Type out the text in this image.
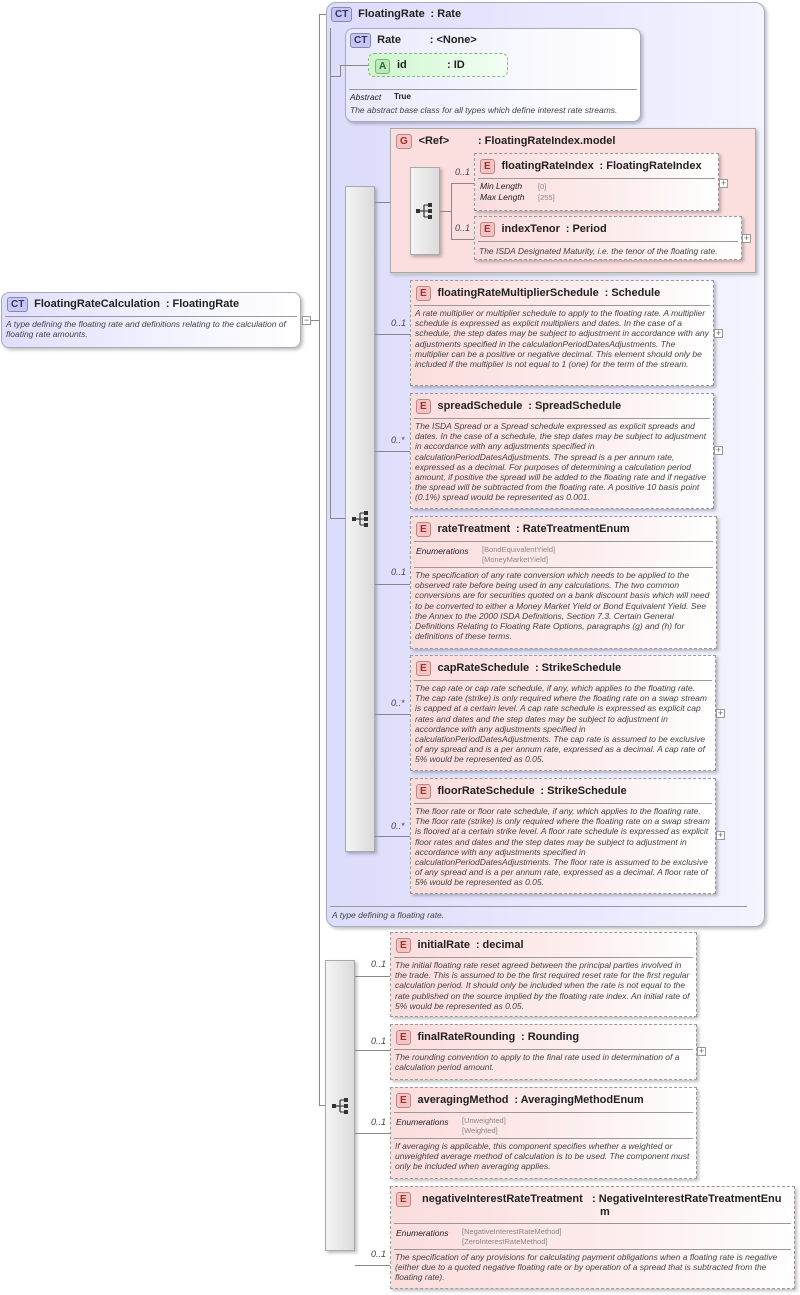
CT FloatingRateCalculation : FloatingRate
A type defining the floating rate and definitions relating to the calculation of floating rate amounts.
−
CT FloatingRate : Rate
A type defining a floating rate.
CT Rate	: <None>
A id	: ID
Abstract True
The abstract base class for all types which define interest rate streams.
G <Ref>	: FloatingRateIndex.model
0..1	E floatingRateIndex : FloatingRateIndex
Min Length [0]
Max Length [255]
+
0..1	E indexTenor : Period
The ISDA Designated Maturity, i.e. the tenor of the floating rate.
+
0..1
E floatingRateMultiplierSchedule : Schedule
A rate multiplier or multiplier schedule to apply to the floating rate. A multiplier schedule is expressed as explicit multipliers and dates. In the case of a schedule, the step dates may be subject to adjustment in accordance with any adjustments specified in the calculationPeriodDatesAdjustments. The multiplier can be a positive or negative decimal. This element should only be included if the multiplier is not equal to 1 (one) for the term of the stream.
+
0..*
E spreadSchedule : SpreadSchedule
The ISDA Spread or a Spread schedule expressed as explicit spreads and dates. In the case of a schedule, the step dates may be subject to adjustment in accordance with any adjustments specified in calculationPeriodDatesAdjustments. The spread is a per annum rate, expressed as a decimal. For purposes of determining a calculation period amount, if positive the spread will be added to the floating rate and if negative the spread will be subtracted from the floating rate. A positive 10 basis point (0.1%) spread would be represented as 0.001.
+
0..1
E rateTreatment : RateTreatmentEnum
Enumerations [BondEquivalentYield]
[MoneyMarketYield]
The specification of any rate conversion which needs to be applied to the observed rate before being used in any calculations. The two common conversions are for securities quoted on a bank discount basis which will need to be converted to either a Money Market Yield or Bond Equivalent Yield. See the Annex to the 2000 ISDA Definitions, Section 7.3. Certain General Definitions Relating to Floating Rate Options, paragraphs (g) and (h) for definitions of these terms.
0..*
E capRateSchedule : StrikeSchedule
The cap rate or cap rate schedule, if any, which applies to the floating rate. The cap rate (strike) is only required where the floating rate on a swap stream is capped at a certain level. A cap rate schedule is expressed as explicit cap rates and dates and the step dates may be subject to adjustment in accordance with any adjustments specified in calculationPeriodDatesAdjustments. The cap rate is assumed to be exclusive of any spread and is a per annum rate, expressed as a decimal. A cap rate of 5% would be represented as 0.05.
+
0..*
E floorRateSchedule : StrikeSchedule
The floor rate or floor rate schedule, if any, which applies to the floating rate. The floor rate (strike) is only required where the floating rate on a swap stream is floored at a certain strike level. A floor rate schedule is expressed as explicit floor rates and dates and the step dates may be subject to adjustment in accordance with any adjustments specified in calculationPeriodDatesAdjustments. The floor rate is assumed to be exclusive of any spread and is a per annum rate, expressed as a decimal. A floor rate of 5% would be represented as 0.05.
+
0..1
E initialRate : decimal
The initial floating rate reset agreed between the principal parties involved in the trade. This is assumed to be the first required reset rate for the first regular calculation period. It should only be included when the rate is not equal to the rate published on the source implied by the floating rate index. An initial rate of 5% would be represented as 0.05.
0..1	E finalRateRounding : Rounding
The rounding convention to apply to the final rate used in determination of a calculation period amount.
+
0..1
E averagingMethod : AveragingMethodEnum
Enumerations [Unweighted]
[Weighted]
If averaging is applicable, this component specifies whether a weighted or unweighted average method of calculation is to be used. The component must only be included when averaging applies.
0..1
E	negativeInterestRateTreatment : NegativeInterestRateTreatmentEnu
m
Enumerations [NegativeInterestRateMethod]
[ZeroInterestRateMethod]
The specification of any provisions for calculating payment obligations when a floating rate is negative (either due to a quoted negative floating rate or by operation of a spread that is subtracted from the floating rate).
